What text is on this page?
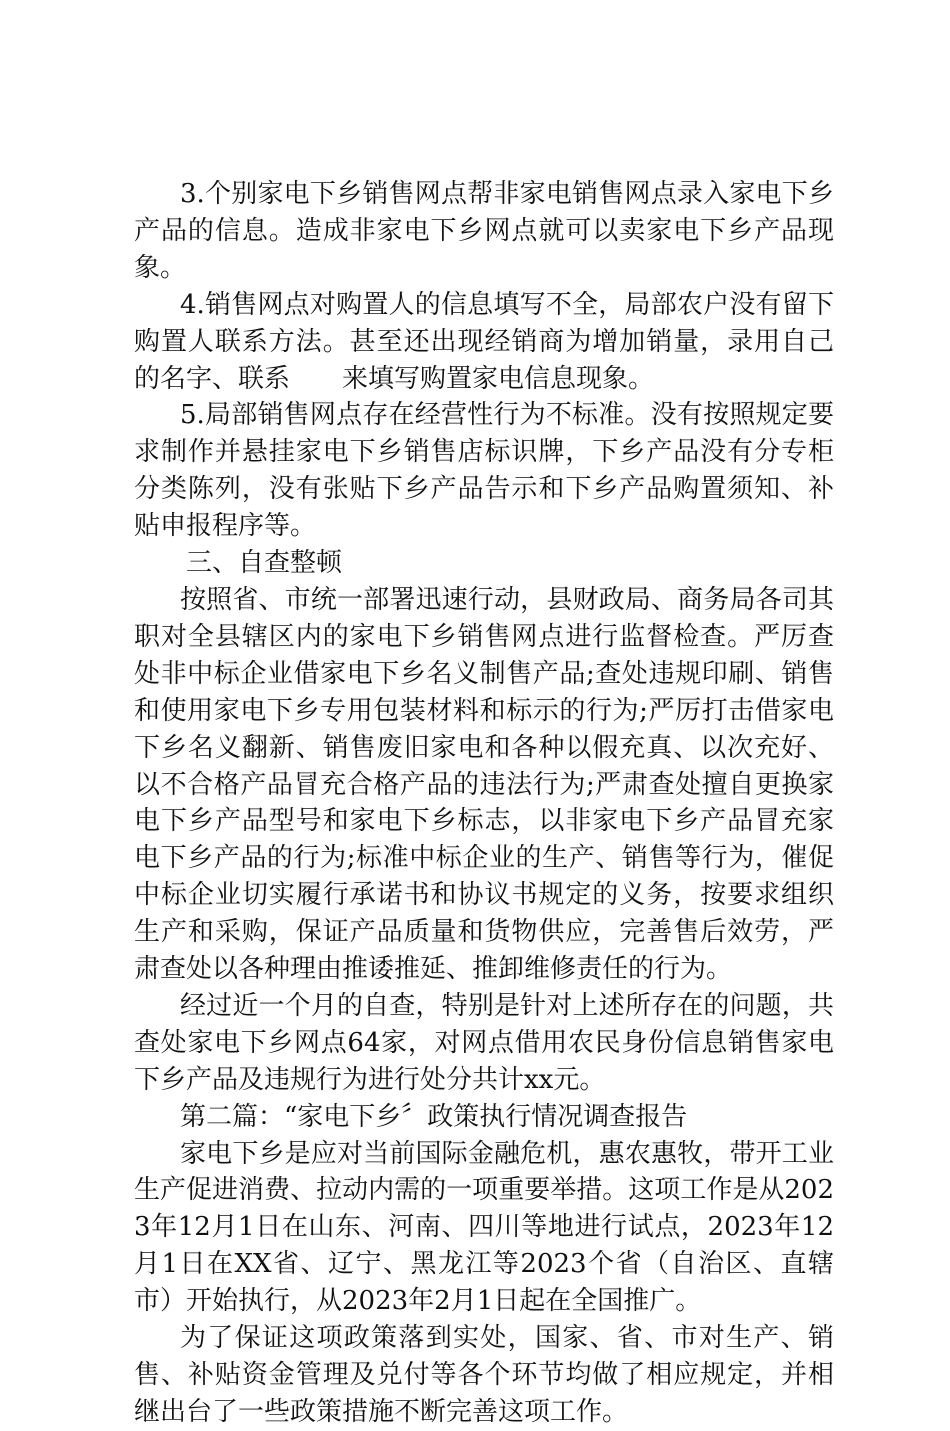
3.个别家电下乡销售网点帮非家电销售网点录入家电下乡产品的信息。造成非家电下乡网点就可以卖家电下乡产品现象。

4.销售网点对购置人的信息填写不全，局部农户没有留下购置人联系方法。甚至还出现经销商为增加销量，录用自己的名字、联系　　来填写购置家电信息现象。

5.局部销售网点存在经营性行为不标准。没有按照规定要求制作并悬挂家电下乡销售店标识牌，下乡产品没有分专柜分类陈列，没有张贴下乡产品告示和下乡产品购置须知、补贴申报程序等。

三、自查整顿

按照省、市统一部署迅速行动，县财政局、商务局各司其职对全县辖区内的家电下乡销售网点进行监督检查。严厉查处非中标企业借家电下乡名义制售产品;查处违规印刷、销售和使用家电下乡专用包装材料和标示的行为;严厉打击借家电下乡名义翻新、销售废旧家电和各种以假充真、以次充好、以不合格产品冒充合格产品的违法行为;严肃查处擅自更换家电下乡产品型号和家电下乡标志，以非家电下乡产品冒充家电下乡产品的行为;标准中标企业的生产、销售等行为，催促中标企业切实履行承诺书和协议书规定的义务，按要求组织生产和采购，保证产品质量和货物供应，完善售后效劳，严肃查处以各种理由推诿推延、推卸维修责任的行为。

经过近一个月的自查，特别是针对上述所存在的问题，共查处家电下乡网点64家，对网点借用农民身份信息销售家电下乡产品及违规行为进行处分共计xx元。

第二篇：“家电下乡〞政策执行情况调查报告

家电下乡是应对当前国际金融危机，惠农惠牧，带开工业生产促进消费、拉动内需的一项重要举措。这项工作是从2023年12月1日在山东、河南、四川等地进行试点，2023年12月1日在XX省、辽宁、黑龙江等2023个省（自治区、直辖市）开始执行，从2023年2月1日起在全国推广。

为了保证这项政策落到实处，国家、省、市对生产、销售、补贴资金管理及兑付等各个环节均做了相应规定，并相继出台了一些政策措施不断完善这项工作。
